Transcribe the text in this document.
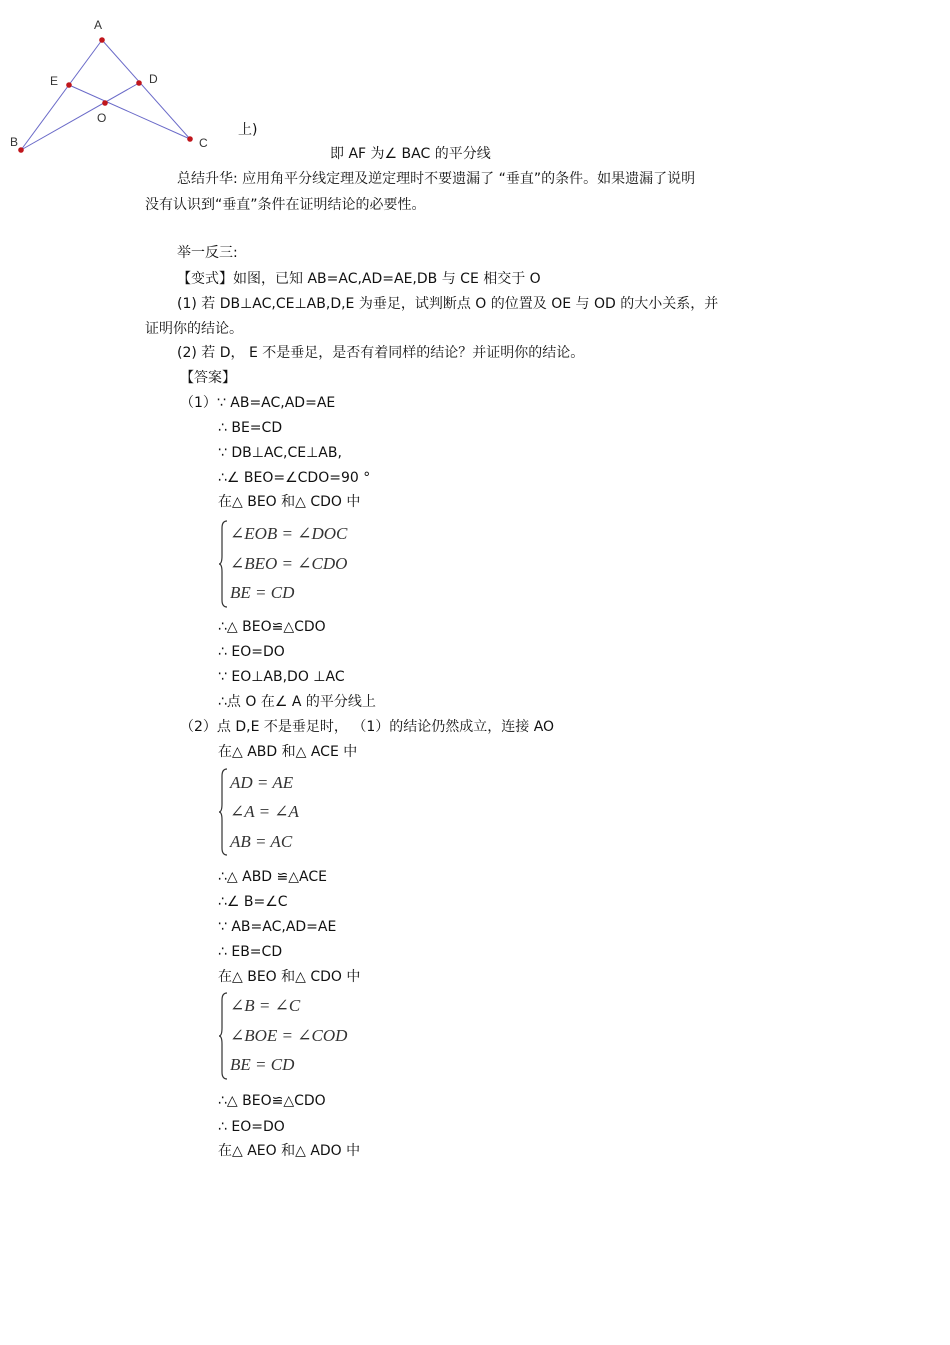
A
E	D
O
B	C
上)
即 AF 为∠ BAC 的平分线
总结升华: 应用角平分线定理及逆定理时不要遗漏了 “垂直”的条件。如果遗漏了说明
没有认识到“垂直”条件在证明结论的必要性。
举一反三:
【变式】如图，已知 AB=AC,AD=AE,DB 与 CE 相交于 O
(1) 若 DB⊥AC,CE⊥AB,D,E 为垂足，试判断点 O 的位置及 OE 与 OD 的大小关系，并
证明你的结论。
(2) 若 D， E 不是垂足，是否有着同样的结论？并证明你的结论。
【答案】
（1）∵ AB=AC,AD=AE
∴ BE=CD
∵ DB⊥AC,CE⊥AB,
∴∠ BEO=∠CDO=90 °
在△ BEO 和△ CDO 中
∠EOB = ∠DOC
∠BEO = ∠CDO
BE = CD
∴△ BEO≌△CDO
∴ EO=DO
∵ EO⊥AB,DO ⊥AC
∴点 O 在∠ A 的平分线上
（2）点 D,E 不是垂足时， （1）的结论仍然成立，连接 AO
在△ ABD 和△ ACE 中
AD = AE
∠A = ∠A
AB = AC
∴△ ABD ≌△ACE
∴∠ B=∠C
∵ AB=AC,AD=AE
∴ EB=CD
在△ BEO 和△ CDO 中
∠B = ∠C
∠BOE = ∠COD
BE = CD
∴△ BEO≌△CDO
∴ EO=DO
在△ AEO 和△ ADO 中
